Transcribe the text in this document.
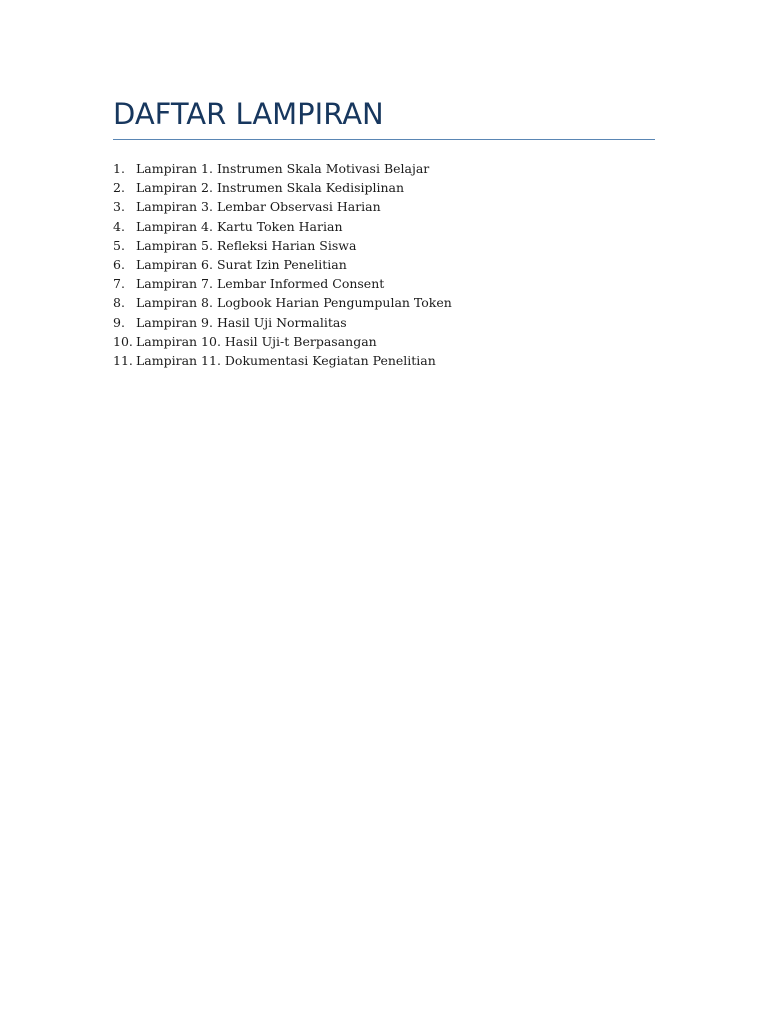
DAFTAR LAMPIRAN
1. Lampiran 1. Instrumen Skala Motivasi Belajar
2. Lampiran 2. Instrumen Skala Kedisiplinan
3. Lampiran 3. Lembar Observasi Harian
4. Lampiran 4. Kartu Token Harian
5. Lampiran 5. Refleksi Harian Siswa
6. Lampiran 6. Surat Izin Penelitian
7. Lampiran 7. Lembar Informed Consent
8. Lampiran 8. Logbook Harian Pengumpulan Token
9. Lampiran 9. Hasil Uji Normalitas
10. Lampiran 10. Hasil Uji-t Berpasangan
11. Lampiran 11. Dokumentasi Kegiatan Penelitian
